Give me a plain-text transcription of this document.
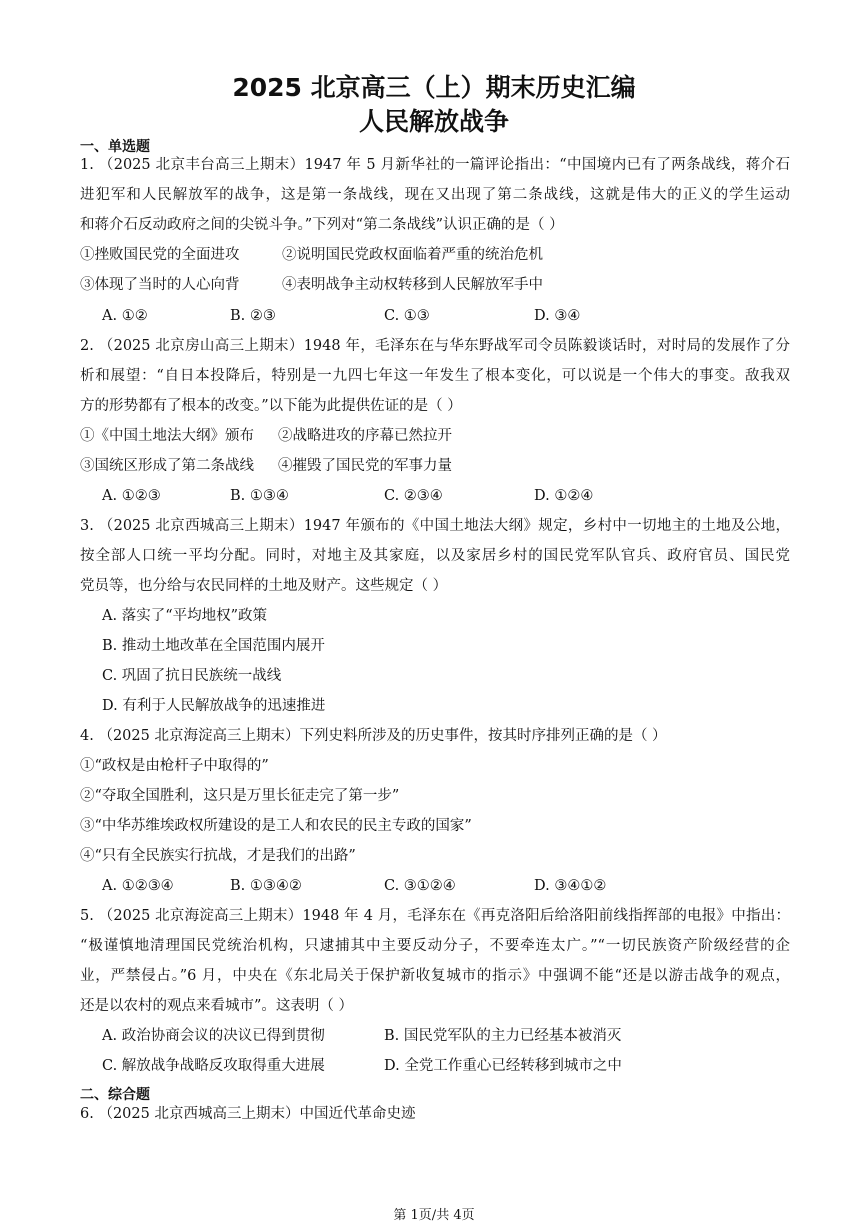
2025 北京高三（上）期末历史汇编
人民解放战争
一、单选题
1. （2025 北京丰台高三上期末）1947 年 5 月新华社的一篇评论指出：“中国境内已有了两条战线，蒋介石
进犯军和人民解放军的战争，这是第一条战线，现在又出现了第二条战线，这就是伟大的正义的学生运动
和蒋介石反动政府之间的尖锐斗争。”下列对“第二条战线”认识正确的是（ ）
①挫败国民党的全面进攻	②说明国民党政权面临着严重的统治危机
③体现了当时的人心向背	④表明战争主动权转移到人民解放军手中
A. ①②	B. ②③	C. ①③	D. ③④
2. （2025 北京房山高三上期末）1948 年，毛泽东在与华东野战军司令员陈毅谈话时，对时局的发展作了分
析和展望：“自日本投降后，特别是一九四七年这一年发生了根本变化，可以说是一个伟大的事变。敌我双
方的形势都有了根本的改变。”以下能为此提供佐证的是（ ）
①《中国土地法大纲》颁布 ②战略进攻的序幕已然拉开
③国统区形成了第二条战线 ④摧毁了国民党的军事力量
A. ①②③	B. ①③④	C. ②③④	D. ①②④
3. （2025 北京西城高三上期末）1947 年颁布的《中国土地法大纲》规定，乡村中一切地主的土地及公地，
按全部人口统一平均分配。同时，对地主及其家庭，以及家居乡村的国民党军队官兵、政府官员、国民党
党员等，也分给与农民同样的土地及财产。这些规定（ ）
A. 落实了“平均地权”政策
B. 推动土地改革在全国范围内展开
C. 巩固了抗日民族统一战线
D. 有利于人民解放战争的迅速推进
4. （2025 北京海淀高三上期末）下列史料所涉及的历史事件，按其时序排列正确的是（ ）
①“政权是由枪杆子中取得的”
②“夺取全国胜利，这只是万里长征走完了第一步”
③“中华苏维埃政权所建设的是工人和农民的民主专政的国家”
④“只有全民族实行抗战，才是我们的出路”
A. ①②③④	B. ①③④②	C. ③①②④	D. ③④①②
5. （2025 北京海淀高三上期末）1948 年 4 月，毛泽东在《再克洛阳后给洛阳前线指挥部的电报》中指出：
“极谨慎地清理国民党统治机构，只逮捕其中主要反动分子，不要牵连太广。”“一切民族资产阶级经营的企
业，严禁侵占。”6 月，中央在《东北局关于保护新收复城市的指示》中强调不能“还是以游击战争的观点，
还是以农村的观点来看城市”。这表明（ ）
A. 政治协商会议的决议已得到贯彻	B. 国民党军队的主力已经基本被消灭
C. 解放战争战略反攻取得重大进展	D. 全党工作重心已经转移到城市之中
二、综合题
6. （2025 北京西城高三上期末）中国近代革命史迹
第 1页/共 4页
